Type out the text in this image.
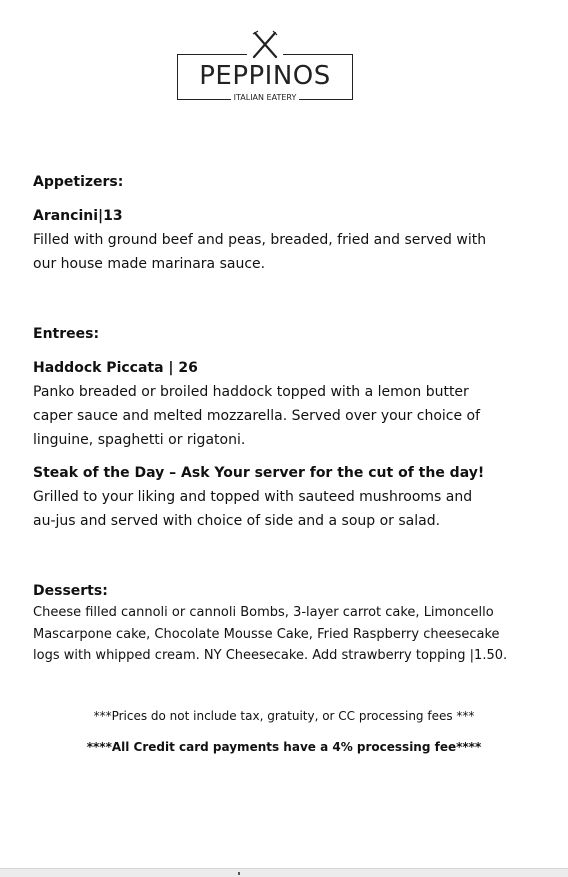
PEPPINOS
ITALIAN EATERY
Appetizers:
Arancini|13
Filled with ground beef and peas, breaded, fried and served with our house made marinara sauce.
Entrees:
Haddock Piccata | 26
Panko breaded or broiled haddock topped with a lemon butter caper sauce and melted mozzarella. Served over your choice of linguine, spaghetti or rigatoni.
Steak of the Day – Ask Your server for the cut of the day!
Grilled to your liking and topped with sauteed mushrooms and au-jus and served with choice of side and a soup or salad.
Desserts:
Cheese filled cannoli or cannoli Bombs, 3-layer carrot cake, Limoncello Mascarpone cake, Chocolate Mousse Cake, Fried Raspberry cheesecake logs with whipped cream. NY Cheesecake. Add strawberry topping |1.50.
***Prices do not include tax, gratuity, or CC processing fees ***
****All Credit card payments have a 4% processing fee****
